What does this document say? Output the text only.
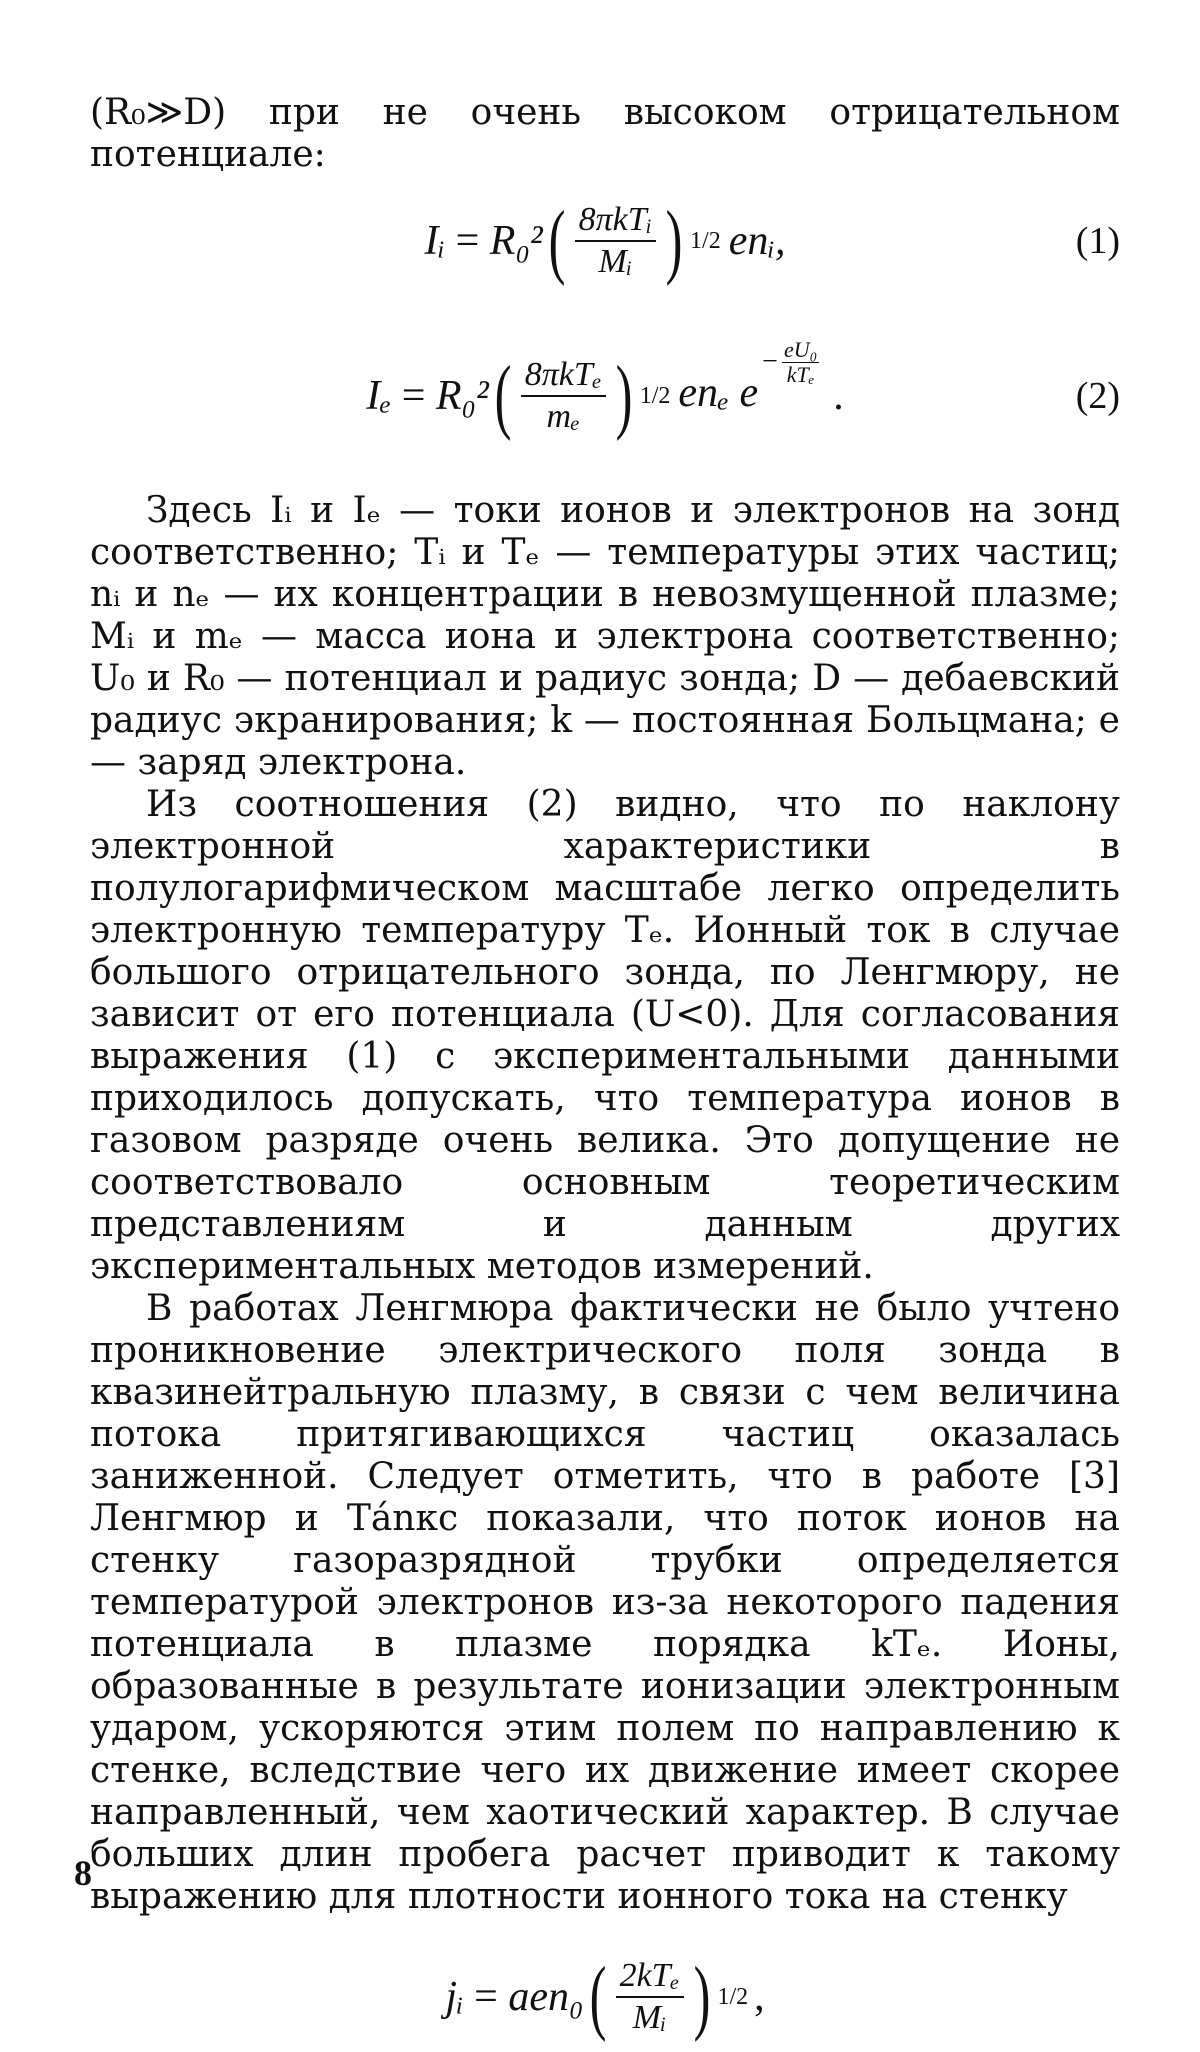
(R₀≫D) при не очень высоком отрицательном потенциале:

Iᵢ = R₀² ( 8πkTᵢ
Mᵢ ) 1/2 enᵢ,	(1)
Iₑ = R₀² ( 8πkTₑ
mₑ ) 1/2 enₑ e
− eU₀
kTₑ .	(2)

Здесь Iᵢ и Iₑ — токи ионов и электронов на зонд соответственно; Tᵢ и Tₑ — температуры этих частиц; nᵢ и nₑ — их концентрации в невозмущенной плазме; Mᵢ и mₑ — масса иона и электрона соответственно; U₀ и R₀ — потенциал и радиус зонда; D — дебаевский радиус экранирования; k — постоянная Больцмана; e — заряд электрона.

Из соотношения (2) видно, что по наклону электронной характеристики в полулогарифмическом масштабе легко определить электронную температуру Tₑ. Ионный ток в случае большого отрицательного зонда, по Ленгмюру, не зависит от его потенциала (U<0). Для согласования выражения (1) с экспериментальными данными приходилось допускать, что температура ионов в газовом разряде очень велика. Это допущение не соответствовало основным теоретическим представлениям и данным других экспериментальных методов измерений.

В работах Ленгмюра фактически не было учтено проникновение электрического поля зонда в квазинейтральную плазму, в связи с чем величина потока притягивающихся частиц оказалась заниженной. Следует отметить, что в работе [3] Ленгмюр и Тánкс показали, что поток ионов на стенку газоразрядной трубки определяется температурой электронов из-за некоторого падения потенциала в плазме порядка kTₑ. Ионы, образованные в результате ионизации электронным ударом, ускоряются этим полем по направлению к стенке, вследствие чего их движение имеет скорее направленный, чем хаотический характер. В случае больших длин пробега расчет приводит к такому выражению для плотности ионного тока на стенку

jᵢ = aen₀ ( 2kTₑ
Mᵢ ) 1/2 ,
8
